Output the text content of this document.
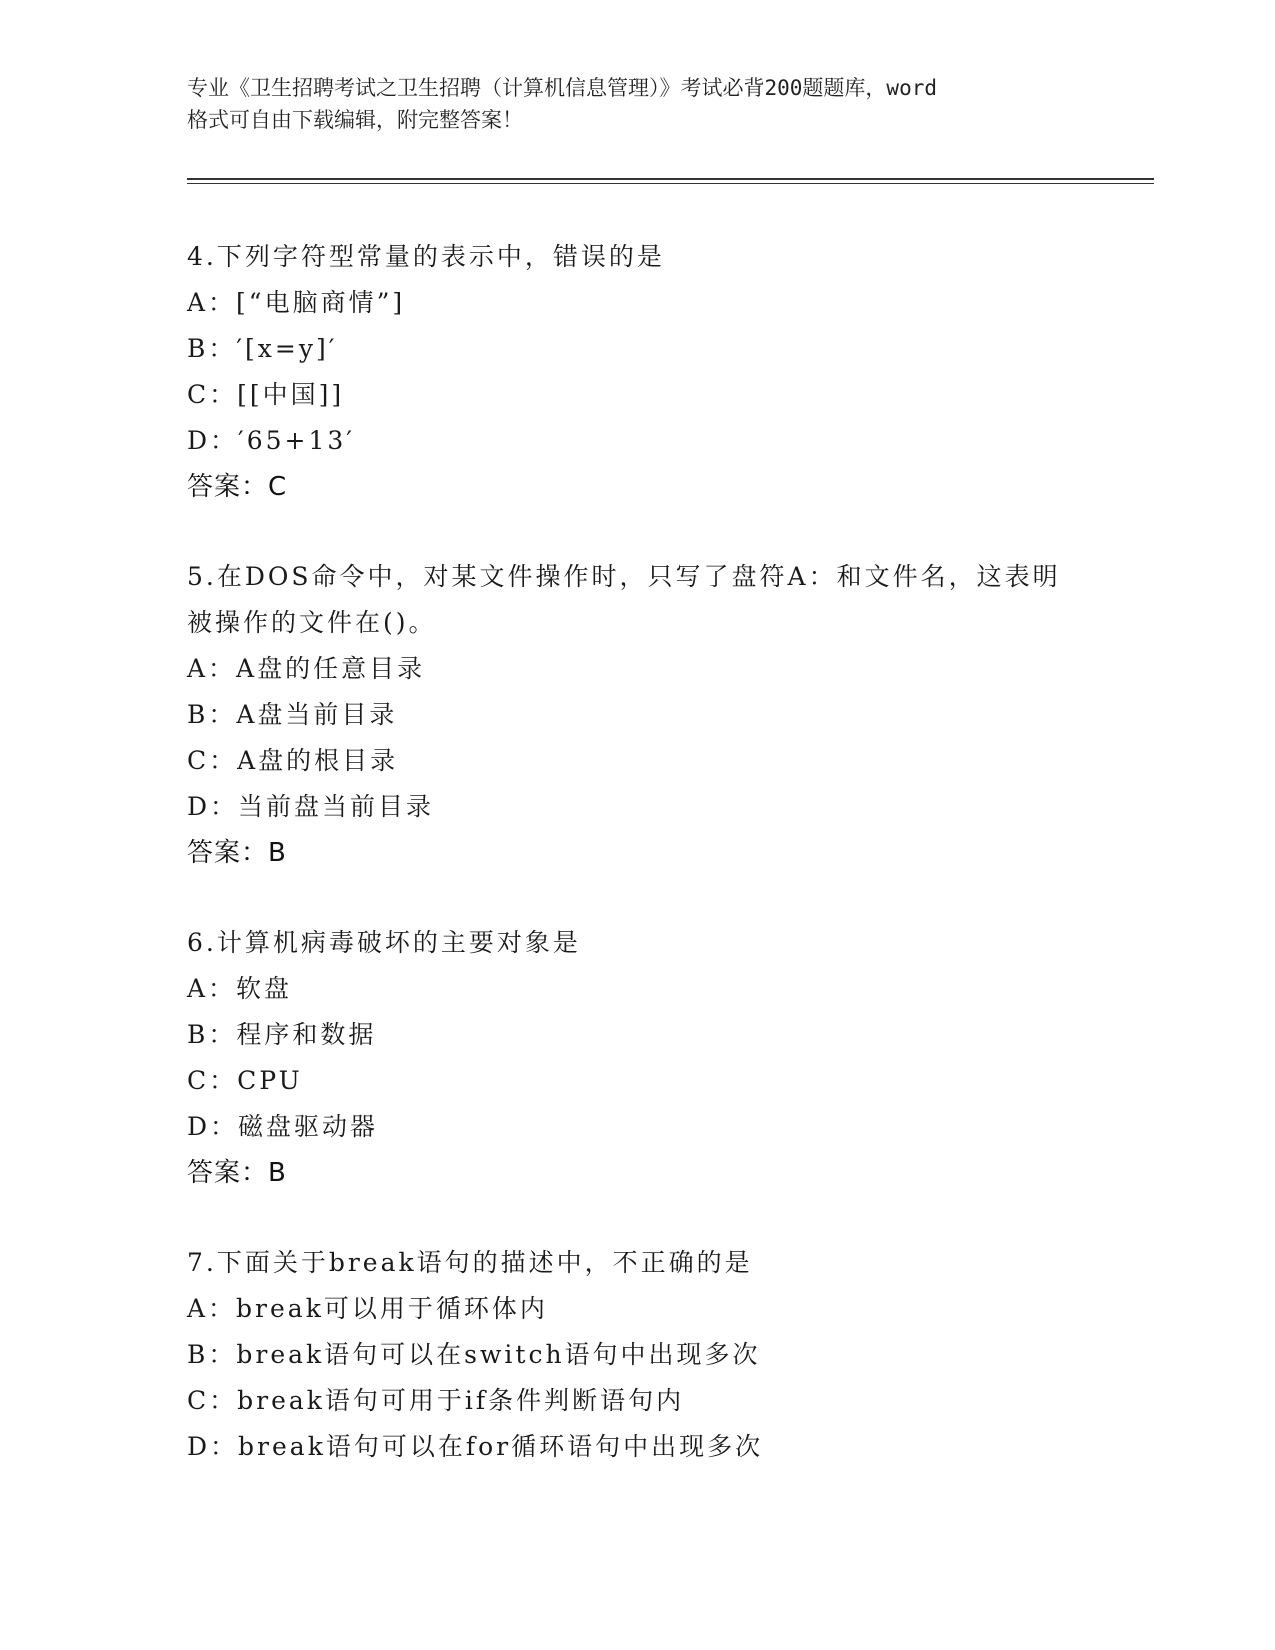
专业《卫生招聘考试之卫生招聘（计算机信息管理）》考试必背200题题库，word
格式可自由下载编辑，附完整答案！
4.下列字符型常量的表示中，错误的是
A：[“电脑商情”]
B：′[x=y]′
C：[[中国]]
D：′65+13′
答案：C
5.在DOS命令中，对某文件操作时，只写了盘符A：和文件名，这表明
被操作的文件在()。
A：A盘的任意目录
B：A盘当前目录
C：A盘的根目录
D：当前盘当前目录
答案：B
6.计算机病毒破坏的主要对象是
A：软盘
B：程序和数据
C：CPU
D：磁盘驱动器
答案：B
7.下面关于break语句的描述中，不正确的是
A：break可以用于循环体内
B：break语句可以在switch语句中出现多次
C：break语句可用于if条件判断语句内
D：break语句可以在for循环语句中出现多次
